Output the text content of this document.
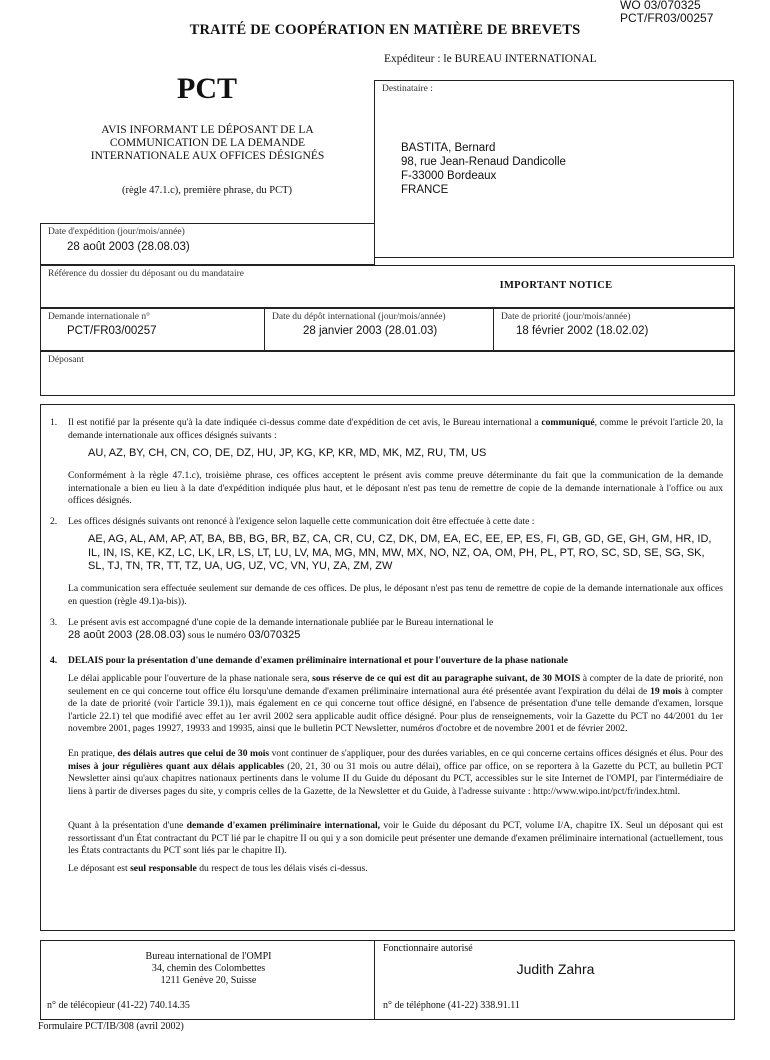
WO 03/070325
PCT/FR03/00257
TRAITÉ DE COOPÉRATION EN MATIÈRE DE BREVETS
Expéditeur : le BUREAU INTERNATIONAL
PCT
AVIS INFORMANT LE DÉPOSANT DE LA COMMUNICATION DE LA DEMANDE INTERNATIONALE AUX OFFICES DÉSIGNÉS
(règle 47.1.c), première phrase, du PCT)
Destinataire :
BASTITA, Bernard
98, rue Jean-Renaud Dandicolle
F-33000 Bordeaux
FRANCE
Date d'expédition (jour/mois/année)
28 août 2003 (28.08.03)
Référence du dossier du déposant ou du mandataire
IMPORTANT NOTICE
Demande internationale n°
PCT/FR03/00257
Date du dépôt international (jour/mois/année)
28 janvier 2003 (28.01.03)
Date de priorité (jour/mois/année)
18 février 2002 (18.02.02)
Déposant
1. Il est notifié par la présente qu'à la date indiquée ci-dessus comme date d'expédition de cet avis, le Bureau international a communiqué, comme le prévoit l'article 20, la demande internationale aux offices désignés suivants :
AU, AZ, BY, CH, CN, CO, DE, DZ, HU, JP, KG, KP, KR, MD, MK, MZ, RU, TM, US
Conformément à la règle 47.1.c), troisième phrase, ces offices acceptent le présent avis comme preuve déterminante du fait que la communication de la demande internationale a bien eu lieu à la date d'expédition indiquée plus haut, et le déposant n'est pas tenu de remettre de copie de la demande internationale à l'office ou aux offices désignés.
2. Les offices désignés suivants ont renoncé à l'exigence selon laquelle cette communication doit être effectuée à cette date :
AE, AG, AL, AM, AP, AT, BA, BB, BG, BR, BZ, CA, CR, CU, CZ, DK, DM, EA, EC, EE, EP, ES, FI, GB, GD, GE, GH, GM, HR, ID, IL, IN, IS, KE, KZ, LC, LK, LR, LS, LT, LU, LV, MA, MG, MN, MW, MX, NO, NZ, OA, OM, PH, PL, PT, RO, SC, SD, SE, SG, SK, SL, TJ, TN, TR, TT, TZ, UA, UG, UZ, VC, VN, YU, ZA, ZM, ZW
La communication sera effectuée seulement sur demande de ces offices. De plus, le déposant n'est pas tenu de remettre de copie de la demande internationale aux offices en question (règle 49.1)a-bis)).
3. Le présent avis est accompagné d'une copie de la demande internationale publiée par le Bureau international le
28 août 2003 (28.08.03) sous le numéro 03/070325
4. DELAIS pour la présentation d'une demande d'examen préliminaire international et pour l'ouverture de la phase nationale
Le délai applicable pour l'ouverture de la phase nationale sera, sous réserve de ce qui est dit au paragraphe suivant, de 30 MOIS à compter de la date de priorité, non seulement en ce qui concerne tout office élu lorsqu'une demande d'examen préliminaire international aura été présentée avant l'expiration du délai de 19 mois à compter de la date de priorité (voir l'article 39.1)), mais également en ce qui concerne tout office désigné, en l'absence de présentation d'une telle demande d'examen, lorsque l'article 22.1) tel que modifié avec effet au 1er avril 2002 sera applicable audit office désigné. Pour plus de renseignements, voir la Gazette du PCT no 44/2001 du 1er novembre 2001, pages 19927, 19933 and 19935, ainsi que le bulletin PCT Newsletter, numéros d'octobre et de novembre 2001 et de février 2002.
En pratique, des délais autres que celui de 30 mois vont continuer de s'appliquer, pour des durées variables, en ce qui concerne certains offices désignés et élus. Pour des mises à jour régulières quant aux délais applicables (20, 21, 30 ou 31 mois ou autre délai), office par office, on se reportera à la Gazette du PCT, au bulletin PCT Newsletter ainsi qu'aux chapitres nationaux pertinents dans le volume II du Guide du déposant du PCT, accessibles sur le site Internet de l'OMPI, par l'intermédiaire de liens à partir de diverses pages du site, y compris celles de la Gazette, de la Newsletter et du Guide, à l'adresse suivante : http://www.wipo.int/pct/fr/index.html.
Quant à la présentation d'une demande d'examen préliminaire international, voir le Guide du déposant du PCT, volume I/A, chapitre IX. Seul un déposant qui est ressortissant d'un État contractant du PCT lié par le chapitre II ou qui y a son domicile peut présenter une demande d'examen préliminaire international (actuellement, tous les États contractants du PCT sont liés par le chapitre II).
Le déposant est seul responsable du respect de tous les délais visés ci-dessus.
Bureau international de l'OMPI
34, chemin des Colombettes
1211 Genève 20, Suisse
n° de télécopieur (41-22) 740.14.35
Fonctionnaire autorisé
Judith Zahra
n° de téléphone (41-22) 338.91.11
Formulaire PCT/IB/308 (avril 2002)
